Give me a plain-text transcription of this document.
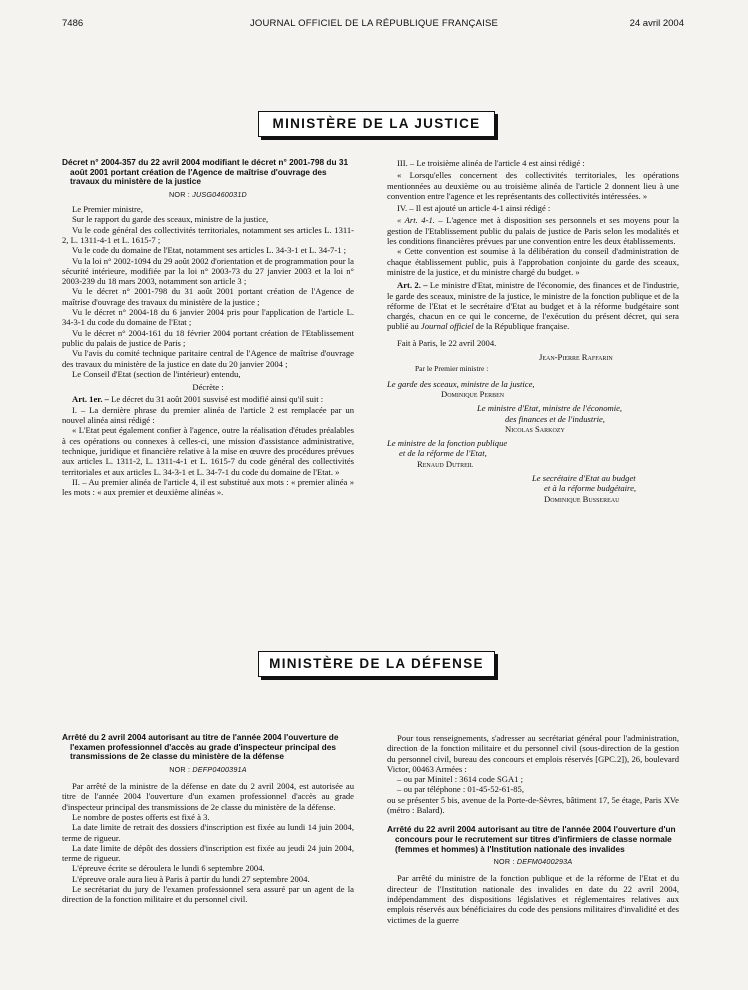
7486	JOURNAL OFFICIEL DE LA RÉPUBLIQUE FRANÇAISE	24 avril 2004
MINISTÈRE DE LA JUSTICE
Décret n° 2004-357 du 22 avril 2004 modifiant le décret n° 2001-798 du 31 août 2001 portant création de l'Agence de maîtrise d'ouvrage des travaux du ministère de la justice
NOR : JUSG0460031D

Le Premier ministre,

Sur le rapport du garde des sceaux, ministre de la justice,

Vu le code général des collectivités territoriales, notamment ses articles L. 1311-2, L. 1311-4-1 et L. 1615-7 ;

Vu le code du domaine de l'Etat, notamment ses articles L. 34-3-1 et L. 34-7-1 ;

Vu la loi n° 2002-1094 du 29 août 2002 d'orientation et de programmation pour la sécurité intérieure, modifiée par la loi n° 2003-73 du 27 janvier 2003 et la loi n° 2003-239 du 18 mars 2003, notamment son article 3 ;

Vu le décret n° 2001-798 du 31 août 2001 portant création de l'Agence de maîtrise d'ouvrage des travaux du ministère de la justice ;

Vu le décret n° 2004-18 du 6 janvier 2004 pris pour l'application de l'article L. 34-3-1 du code du domaine de l'Etat ;

Vu le décret n° 2004-161 du 18 février 2004 portant création de l'Etablissement public du palais de justice de Paris ;

Vu l'avis du comité technique paritaire central de l'Agence de maîtrise d'ouvrage des travaux du ministère de la justice en date du 20 janvier 2004 ;

Le Conseil d'Etat (section de l'intérieur) entendu,

Décrète :

Art. 1er. – Le décret du 31 août 2001 susvisé est modifié ainsi qu'il suit :

I. – La dernière phrase du premier alinéa de l'article 2 est remplacée par un nouvel alinéa ainsi rédigé :

« L'Etat peut également confier à l'agence, outre la réalisation d'études préalables à ces opérations ou connexes à celles-ci, une mission d'assistance administrative, technique, juridique et financière relative à la mise en œuvre des procédures prévues aux articles L. 1311-2, L. 1311-4-1 et L. 1615-7 du code général des collectivités territoriales et aux articles L. 34-3-1 et L. 34-7-1 du code du domaine de l'Etat. »

II. – Au premier alinéa de l'article 4, il est substitué aux mots : « premier alinéa » les mots : « aux premier et deuxième alinéas ».

III. – Le troisième alinéa de l'article 4 est ainsi rédigé :

« Lorsqu'elles concernent des collectivités territoriales, les opérations mentionnées au deuxième ou au troisième alinéa de l'article 2 donnent lieu à une convention entre l'agence et les représentants des collectivités intéressées. »

IV. – Il est ajouté un article 4-1 ainsi rédigé :

« Art. 4-1. – L'agence met à disposition ses personnels et ses moyens pour la gestion de l'Etablissement public du palais de justice de Paris selon les modalités et les conditions financières prévues par une convention entre les deux établissements.

« Cette convention est soumise à la délibération du conseil d'administration de chaque établissement public, puis à l'approbation conjointe du garde des sceaux, ministre de la justice, et du ministre chargé du budget. »

Art. 2. – Le ministre d'Etat, ministre de l'économie, des finances et de l'industrie, le garde des sceaux, ministre de la justice, le ministre de la fonction publique et de la réforme de l'Etat et le secrétaire d'Etat au budget et à la réforme budgétaire sont chargés, chacun en ce qui le concerne, de l'exécution du présent décret, qui sera publié au Journal officiel de la République française.

Fait à Paris, le 22 avril 2004.

Jean-Pierre Raffarin

Par le Premier ministre :

Le garde des sceaux, ministre de la justice,

Dominique Perben

Le ministre d'Etat, ministre de l'économie,

des finances et de l'industrie,

Nicolas Sarkozy

Le ministre de la fonction publique

et de la réforme de l'Etat,

Renaud Dutreil

Le secrétaire d'Etat au budget

et à la réforme budgétaire,

Dominique Bussereau

MINISTÈRE DE LA DÉFENSE
Arrêté du 2 avril 2004 autorisant au titre de l'année 2004 l'ouverture de l'examen professionnel d'accès au grade d'inspecteur principal des transmissions de 2e classe du ministère de la défense
NOR : DEFP0400391A

Par arrêté de la ministre de la défense en date du 2 avril 2004, est autorisée au titre de l'année 2004 l'ouverture d'un examen professionnel d'accès au grade d'inspecteur principal des transmissions de 2e classe du ministère de la défense.

Le nombre de postes offerts est fixé à 3.

La date limite de retrait des dossiers d'inscription est fixée au lundi 14 juin 2004, terme de rigueur.

La date limite de dépôt des dossiers d'inscription est fixée au jeudi 24 juin 2004, terme de rigueur.

L'épreuve écrite se déroulera le lundi 6 septembre 2004.

L'épreuve orale aura lieu à Paris à partir du lundi 27 septembre 2004.

Le secrétariat du jury de l'examen professionnel sera assuré par un agent de la direction de la fonction militaire et du personnel civil.

Pour tous renseignements, s'adresser au secrétariat général pour l'administration, direction de la fonction militaire et du personnel civil (sous-direction de la gestion du personnel civil, bureau des concours et emplois réservés [GPC.2]), 26, boulevard Victor, 00463 Armées :

– ou par Minitel : 3614 code SGA1 ;

– ou par téléphone : 01-45-52-61-85,

ou se présenter 5 bis, avenue de la Porte-de-Sèvres, bâtiment 17, 5e étage, Paris XVe (métro : Balard).

Arrêté du 22 avril 2004 autorisant au titre de l'année 2004 l'ouverture d'un concours pour le recrutement sur titres d'infirmiers de classe normale (femmes et hommes) à l'Institution nationale des invalides
NOR : DEFM0400293A

Par arrêté du ministre de la fonction publique et de la réforme de l'Etat et du directeur de l'Institution nationale des invalides en date du 22 avril 2004, indépendamment des dispositions législatives et réglementaires relatives aux emplois réservés aux bénéficiaires du code des pensions militaires d'invalidité et des victimes de la guerre
